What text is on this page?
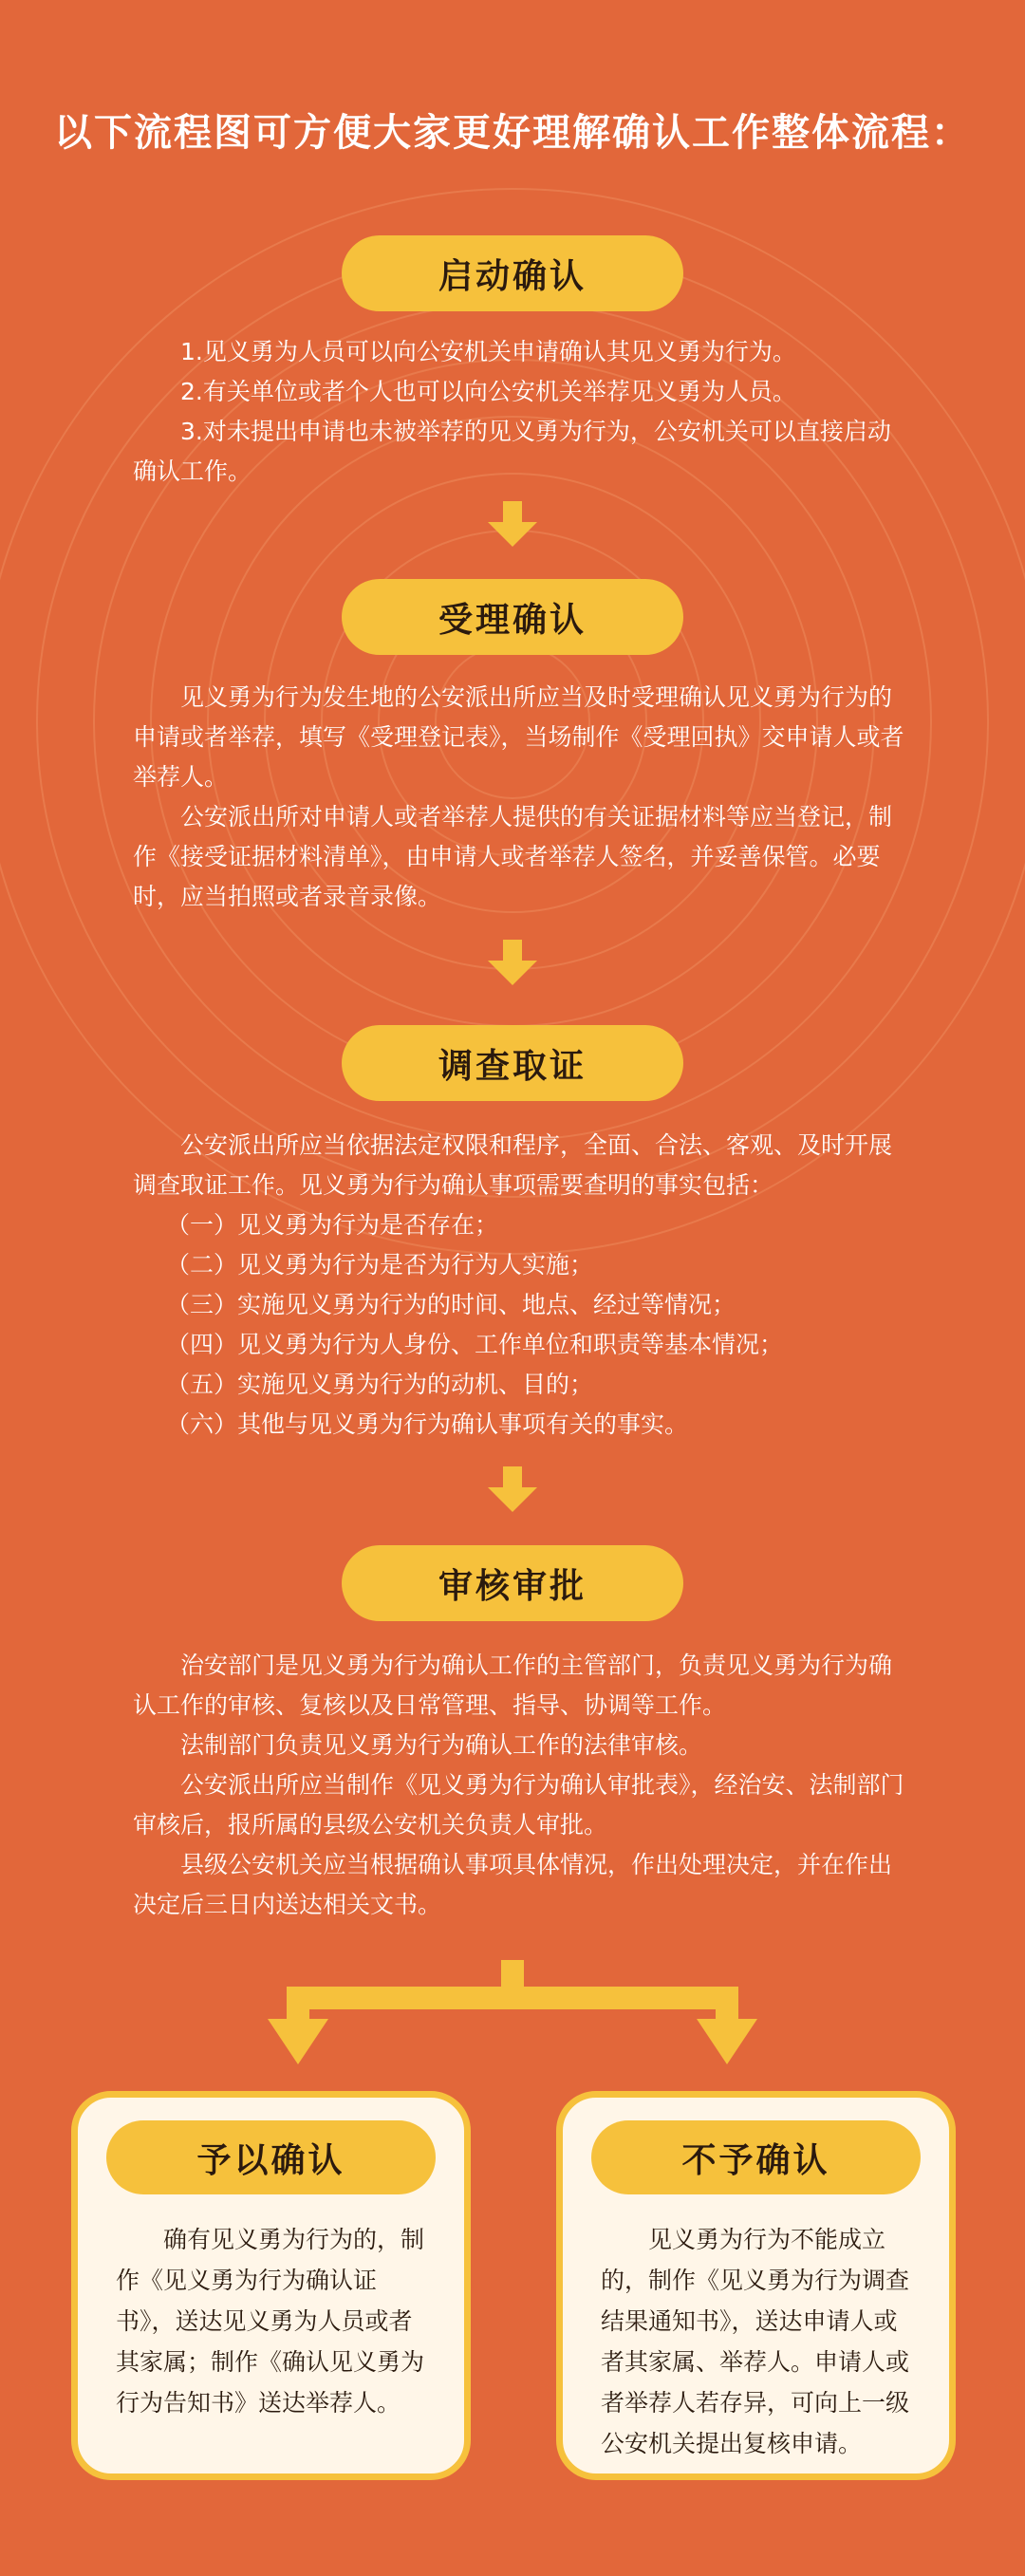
以下流程图可方便大家更好理解确认工作整体流程：
启动确认

1.见义勇为人员可以向公安机关申请确认其见义勇为行为。

2.有关单位或者个人也可以向公安机关举荐见义勇为人员。

3.对未提出申请也未被举荐的见义勇为行为，公安机关可以直接启动确认工作。

受理确认

见义勇为行为发生地的公安派出所应当及时受理确认见义勇为行为的申请或者举荐，填写《受理登记表》，当场制作《受理回执》交申请人或者举荐人。

公安派出所对申请人或者举荐人提供的有关证据材料等应当登记，制作《接受证据材料清单》，由申请人或者举荐人签名，并妥善保管。必要时，应当拍照或者录音录像。

调查取证

公安派出所应当依据法定权限和程序，全面、合法、客观、及时开展调查取证工作。见义勇为行为确认事项需要查明的事实包括：

（一）见义勇为行为是否存在；
（二）见义勇为行为是否为行为人实施；
（三）实施见义勇为行为的时间、地点、经过等情况；
（四）见义勇为行为人身份、工作单位和职责等基本情况；
（五）实施见义勇为行为的动机、目的；
（六）其他与见义勇为行为确认事项有关的事实。
审核审批

治安部门是见义勇为行为确认工作的主管部门，负责见义勇为行为确认工作的审核、复核以及日常管理、指导、协调等工作。

法制部门负责见义勇为行为确认工作的法律审核。

公安派出所应当制作《见义勇为行为确认审批表》，经治安、法制部门审核后，报所属的县级公安机关负责人审批。

县级公安机关应当根据确认事项具体情况，作出处理决定，并在作出决定后三日内送达相关文书。

予以确认
确有见义勇为行为的，制作《见义勇为行为确认证书》，送达见义勇为人员或者其家属；制作《确认见义勇为行为告知书》送达举荐人。
不予确认
见义勇为行为不能成立的，制作《见义勇为行为调查结果通知书》，送达申请人或者其家属、举荐人。申请人或者举荐人若存异，可向上一级公安机关提出复核申请。
